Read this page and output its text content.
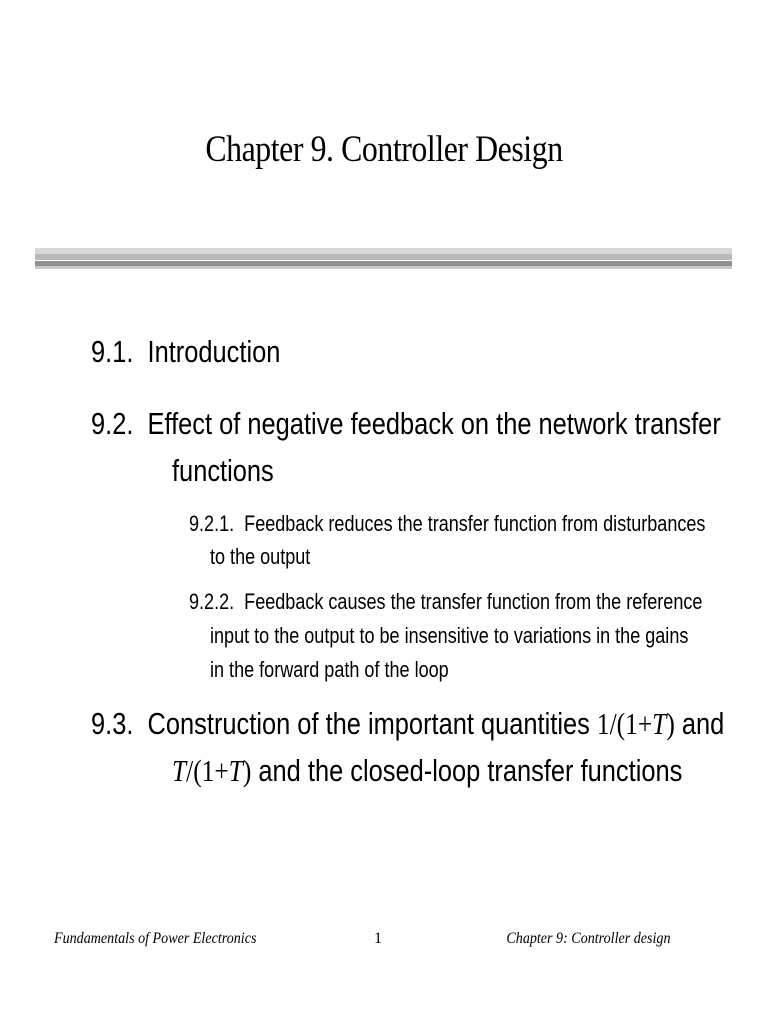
Chapter 9. Controller Design
9.1. Introduction
9.2. Effect of negative feedback on the network transfer
functions
9.2.1. Feedback reduces the transfer function from disturbances
to the output
9.2.2. Feedback causes the transfer function from the reference
input to the output to be insensitive to variations in the gains
in the forward path of the loop
9.3. Construction of the important quantities 1/(1+T) and
T/(1+T) and the closed-loop transfer functions
Fundamentals of Power Electronics	1	Chapter 9: Controller design
